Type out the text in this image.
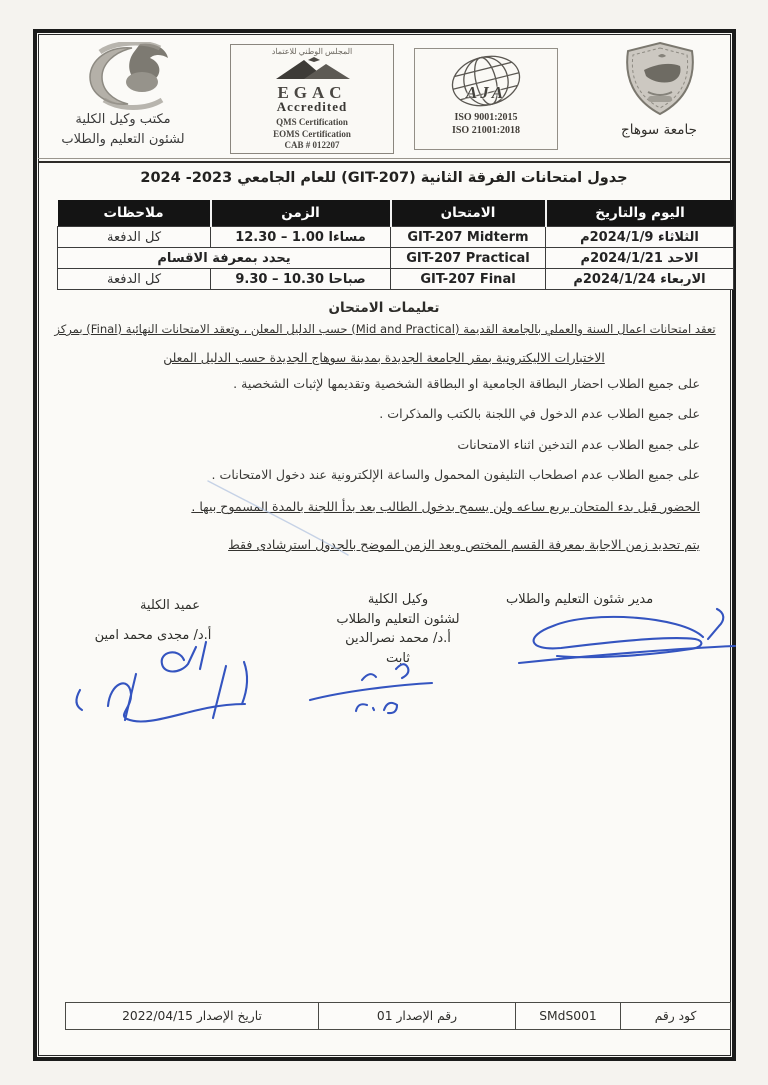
مكتب وكيل الكلية
لشئون التعليم والطلاب
المجلس الوطني للاعتماد
EGAC
Accredited
QMS Certification
EOMS Certification
CAB # 012207
AJA
ISO 9001:2015
ISO 21001:2018	جامعة سوهاج
جدول امتحانات الفرقة الثانية (GIT-207) للعام الجامعي 2023- 2024
اليوم والتاريخ	الامتحان	الزمن	ملاحظات
الثلاثاء 2024/1/9م	GIT-207 Midterm	12.30 – 1.00 مساءا	كل الدفعة
الاحد 2024/1/21م	GIT-207 Practical	يحدد بمعرفة الاقسام	
الاربعاء 2024/1/24م	GIT-207 Final	9.30 – 10.30 صباحا	كل الدفعة
تعليمات الامتحان
تعقد امتحانات اعمال السنة والعملي بالجامعة القديمة (Mid and Practical) حسب الدليل المعلن ، وتعقد الامتحانات النهائية (Final) بمركز
الاختبارات الاليكترونية بمقر الجامعة الجديدة بمدينة سوهاج الجديدة حسب الدليل المعلن
على جميع الطلاب احضار البطاقة الجامعية او البطاقة الشخصية وتقديمها لإثبات الشخصية .
على جميع الطلاب عدم الدخول في اللجنة بالكتب والمذكرات .
على جميع الطلاب عدم التدخين اثناء الامتحانات
على جميع الطلاب عدم اصطحاب التليفون المحمول والساعة الإلكترونية عند دخول الامتحانات .
الحضور قبل بدء المتحان بربع ساعه ولن يسمح بدخول الطالب بعد بدأ اللجنة بالمدة المسموح بيها .
يتم تحديد زمن الاجابة بمعرفة القسم المختص ويعد الزمن الموضح بالجدول استرشادى فقط
مدير شئون التعليم والطلاب
وكيل الكلية
لشئون التعليم والطلاب
أ.د/ محمد نصرالدين ثابت
عميد الكلية
أ.د/ مجدى محمد امين
كود رقم	SMdS001	رقم الإصدار 01	تاريخ الإصدار 2022/04/15
